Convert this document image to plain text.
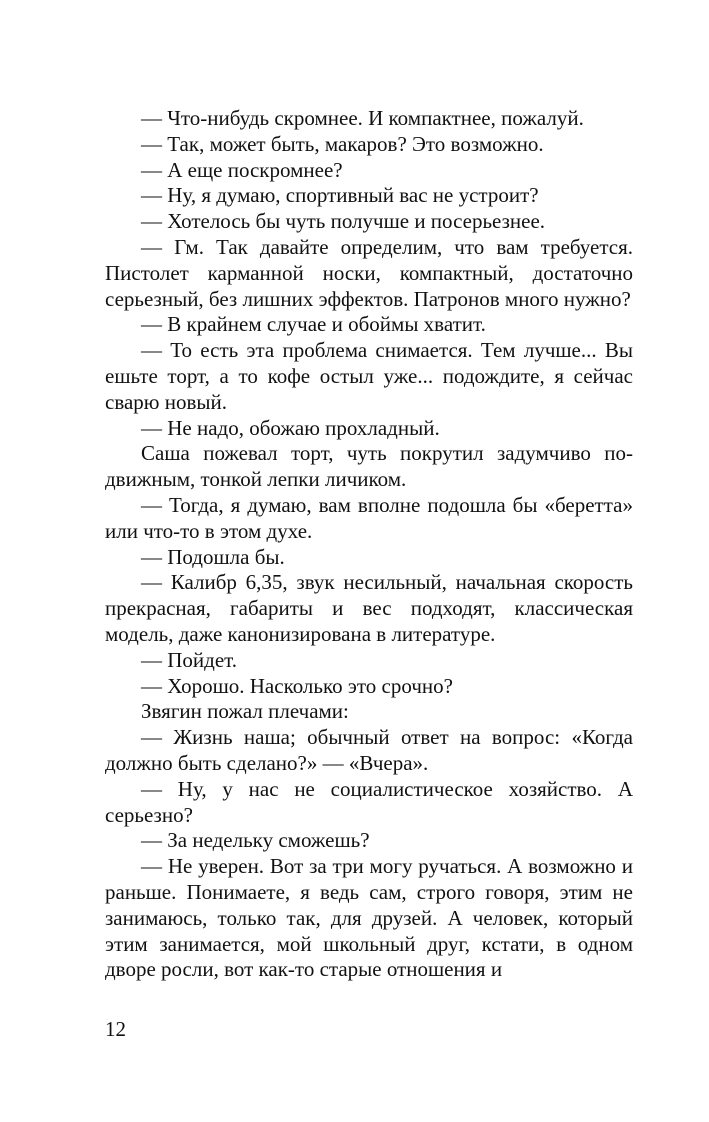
— Что-нибудь скромнее. И компактнее, пожалуй.

— Так, может быть, макаров? Это возможно.

— А еще поскромнее?

— Ну, я думаю, спортивный вас не устроит?

— Хотелось бы чуть получше и посерьезнее.

— Гм. Так давайте определим, что вам требуется. Пистолет карманной носки, компактный, достаточно серьезный, без лишних эффектов. Патронов много нужно?

— В крайнем случае и обоймы хватит.

— То есть эта проблема снимается. Тем лучше... Вы ешьте торт, а то кофе остыл уже... подождите, я сейчас сварю новый.

— Не надо, обожаю прохладный.

Саша пожевал торт, чуть покрутил задумчиво подвижным, тонкой лепки личиком.

— Тогда, я думаю, вам вполне подошла бы «беретта» или что-то в этом духе.

— Подошла бы.

— Калибр 6,35, звук несильный, начальная скорость прекрасная, габариты и вес подходят, классическая модель, даже канонизирована в литературе.

— Пойдет.

— Хорошо. Насколько это срочно?

Звягин пожал плечами:

— Жизнь наша; обычный ответ на вопрос: «Когда должно быть сделано?» — «Вчера».

— Ну, у нас не социалистическое хозяйство. А серьезно?

— За недельку сможешь?

— Не уверен. Вот за три могу ручаться. А возможно и раньше. Понимаете, я ведь сам, строго говоря, этим не занимаюсь, только так, для друзей. А человек, который этим занимается, мой школьный друг, кстати, в одном дворе росли, вот как-то старые отношения и

12
